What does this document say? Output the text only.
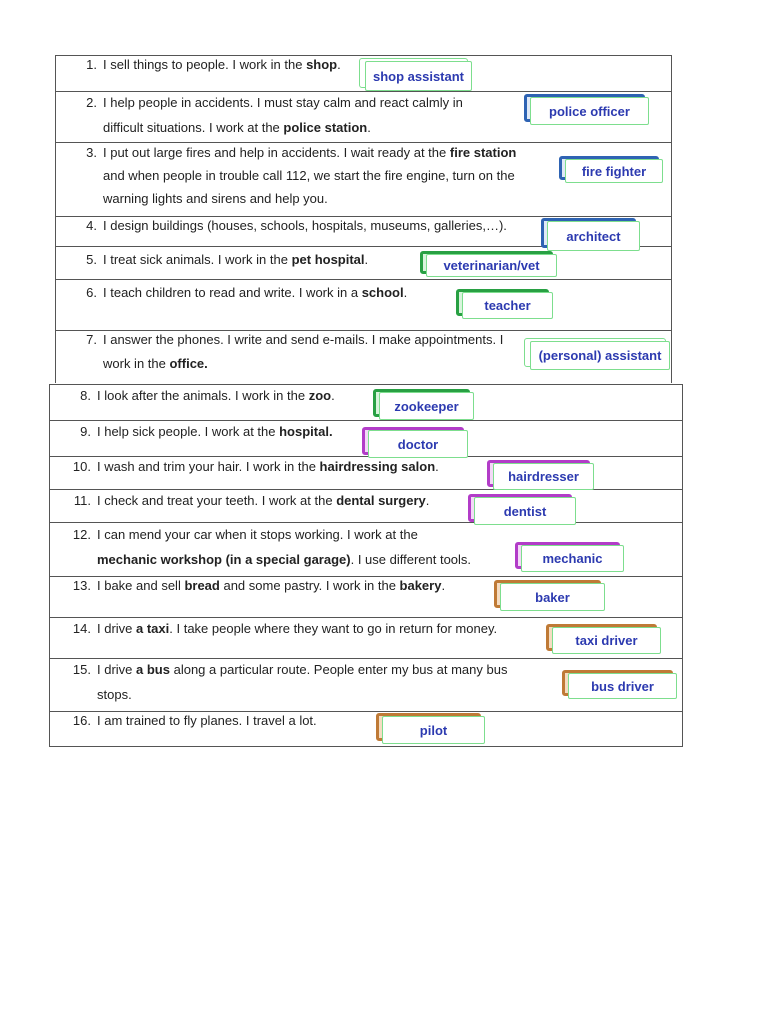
1. I sell things to people. I work in the shop.
2. I help people in accidents. I must stay calm and react calmly in
difficult situations. I work at the police station.
3. I put out large fires and help in accidents. I wait ready at the fire station
and when people in trouble call 112, we start the fire engine, turn on the
warning lights and sirens and help you.
4. I design buildings (houses, schools, hospitals, museums, galleries,…).
5. I treat sick animals. I work in the pet hospital.
6. I teach children to read and write. I work in a school.
7. I answer the phones. I write and send e-mails. I make appointments. I
work in the office.
8. I look after the animals. I work in the zoo.
9. I help sick people. I work at the hospital.
10. I wash and trim your hair. I work in the hairdressing salon.
11. I check and treat your teeth. I work at the dental surgery.
12. I can mend your car when it stops working. I work at the
mechanic workshop (in a special garage). I use different tools.
13. I bake and sell bread and some pastry. I work in the bakery.
14. I drive a taxi. I take people where they want to go in return for money.
15. I drive a bus along a particular route. People enter my bus at many bus
stops.
16. I am trained to fly planes. I travel a lot.
shop assistant
police officer
fire fighter
architect
veterinarian/vet
teacher
(personal) assistant
zookeeper
doctor
hairdresser
dentist
mechanic
baker
taxi driver
bus driver
pilot
